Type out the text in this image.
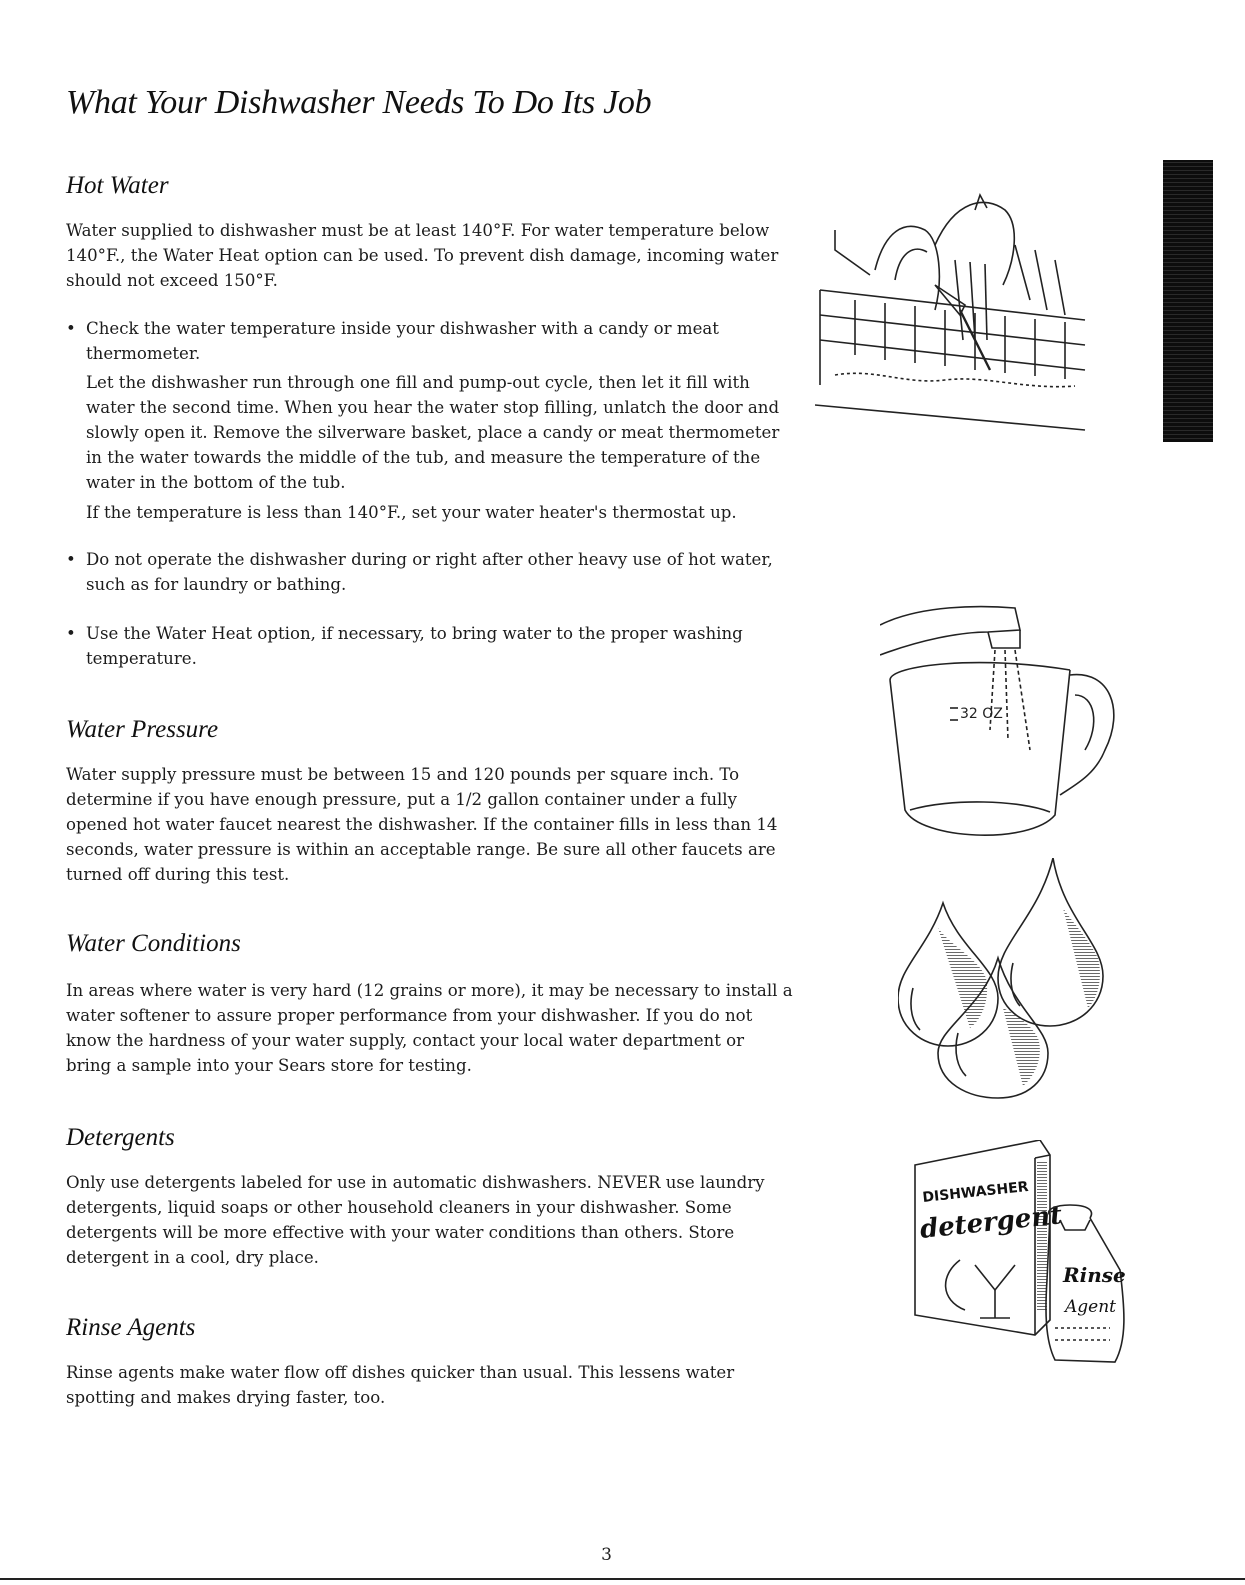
What Your Dishwasher Needs To Do Its Job
Hot Water

Water supplied to dishwasher must be at least 140°F. For water temperature below 140°F., the Water Heat option can be used. To prevent dish damage, incoming water should not exceed 150°F.

• Check the water temperature inside your dishwasher with a candy or meat thermometer.

Let the dishwasher run through one fill and pump-out cycle, then let it fill with water the second time. When you hear the water stop filling, unlatch the door and slowly open it. Remove the silverware basket, place a candy or meat thermometer in the water towards the middle of the tub, and measure the temperature of the water in the bottom of the tub.

If the temperature is less than 140°F., set your water heater's thermostat up.

• Do not operate the dishwasher during or right after other heavy use of hot water, such as for laundry or bathing.
• Use the Water Heat option, if necessary, to bring water to the proper washing temperature.
Water Pressure

Water supply pressure must be between 15 and 120 pounds per square inch. To determine if you have enough pressure, put a 1/2 gallon container under a fully opened hot water faucet nearest the dishwasher. If the container fills in less than 14 seconds, water pressure is within an acceptable range. Be sure all other faucets are turned off during this test.

Water Conditions

In areas where water is very hard (12 grains or more), it may be necessary to install a water softener to assure proper performance from your dishwasher. If you do not know the hardness of your water supply, contact your local water department or bring a sample into your Sears store for testing.

Detergents

Only use detergents labeled for use in automatic dishwashers. NEVER use laundry detergents, liquid soaps or other household cleaners in your dishwasher. Some detergents will be more effective with your water conditions than others. Store detergent in a cool, dry place.

Rinse Agents

Rinse agents make water flow off dishes quicker than usual. This lessens water spotting and makes drying faster, too.

32 OZ
DISHWASHER
detergent
Rinse
Agent
3
